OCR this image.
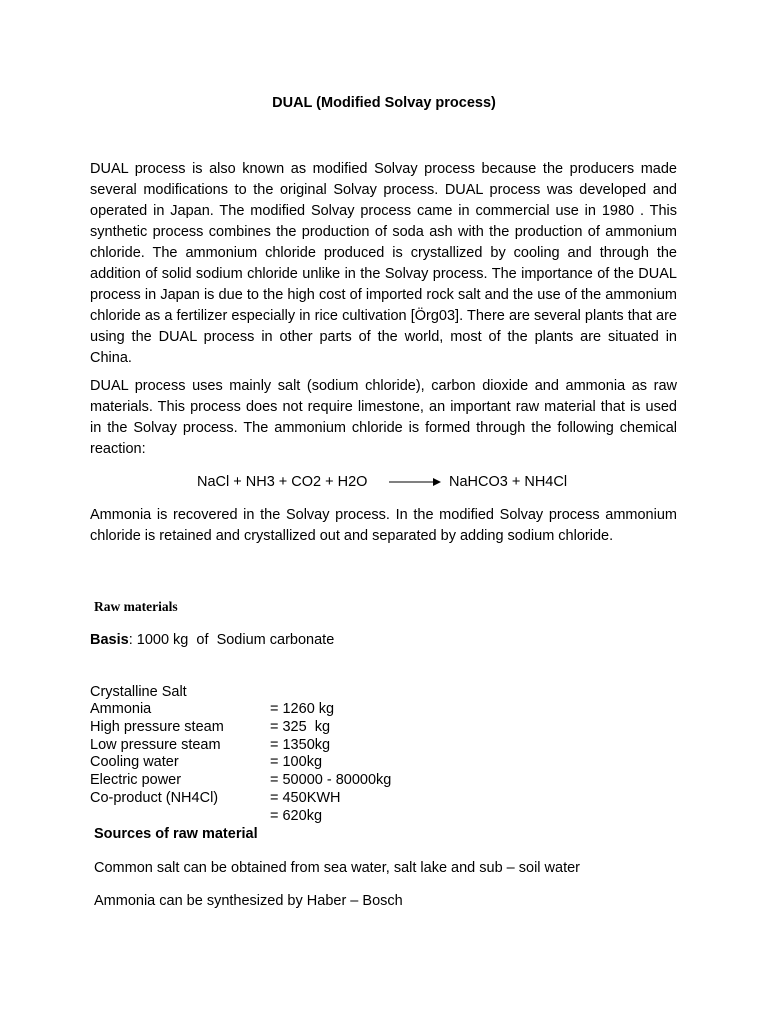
DUAL (Modified Solvay process)

DUAL process is also known as modified Solvay process because the producers made several modifications to the original Solvay process. DUAL process was developed and operated in Japan. The modified Solvay process came in commercial use in 1980 . This synthetic process combines the production of soda ash with the production of ammonium chloride. The ammonium chloride produced is crystallized by cooling and through the addition of solid sodium chloride unlike in the Solvay process. The importance of the DUAL process in Japan is due to the high cost of imported rock salt and the use of the ammonium chloride as a fertilizer especially in rice cultivation [Örg03]. There are several plants that are using the DUAL process in other parts of the world, most of the plants are situated in China.

DUAL process uses mainly salt (sodium chloride), carbon dioxide and ammonia as raw materials. This process does not require limestone, an important raw material that is used in the Solvay process. The ammonium chloride is formed through the following chemical reaction:

NaCl + NH3 + CO2 + H2O → NaHCO3 + NH4Cl

Ammonia is recovered in the Solvay process. In the modified Solvay process ammonium chloride is retained and crystallized out and separated by adding sodium chloride.

Raw materials
Basis: 1000 kg  of  Sodium carbonate

Crystalline Salt

= 1260 kg

Ammonia

= 325  kg

High pressure steam

= 1350kg

Low pressure steam

= 100kg

Cooling water

= 50000 - 80000kg

Electric power

= 450KWH

Co-product (NH4Cl)

= 620kg

Sources of raw material
Common salt can be obtained from sea water, salt lake and sub – soil water
Ammonia can be synthesized by Haber – Bosch
